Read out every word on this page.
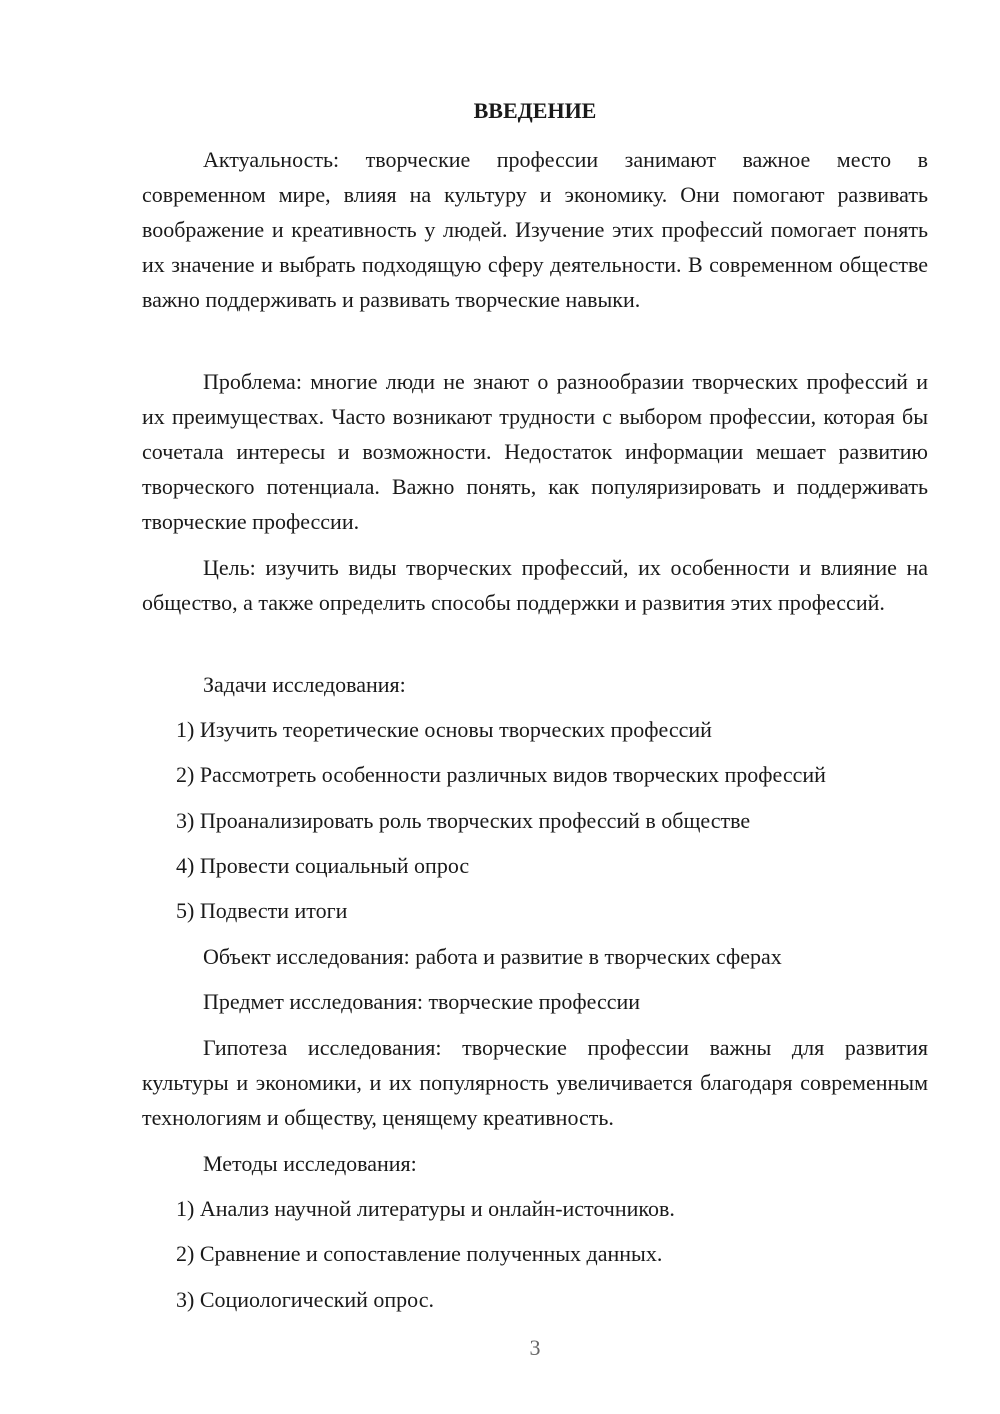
ВВЕДЕНИЕ

Актуальность: творческие профессии занимают важное место в современном мире, влияя на культуру и экономику. Они помогают развивать воображение и креативность у людей. Изучение этих профессий помогает понять их значение и выбрать подходящую сферу деятельности. В современном обществе важно поддерживать и развивать творческие навыки.

Проблема: многие люди не знают о разнообразии творческих профессий и их преимуществах. Часто возникают трудности с выбором профессии, которая бы сочетала интересы и возможности. Недостаток информации мешает развитию творческого потенциала. Важно понять, как популяризировать и поддерживать творческие профессии.

Цель: изучить виды творческих профессий, их особенности и влияние на общество, а также определить способы поддержки и развития этих профессий.

Задачи исследования:

1) Изучить теоретические основы творческих профессий

2) Рассмотреть особенности различных видов творческих профессий

3) Проанализировать роль творческих профессий в обществе

4) Провести социальный опрос

5) Подвести итоги

Объект исследования: работа и развитие в творческих сферах

Предмет исследования: творческие профессии

Гипотеза исследования: творческие профессии важны для развития культуры и экономики, и их популярность увеличивается благодаря современным технологиям и обществу, ценящему креативность.

Методы исследования:

1) Анализ научной литературы и онлайн-источников.

2) Сравнение и сопоставление полученных данных.

3) Социологический опрос.

3
